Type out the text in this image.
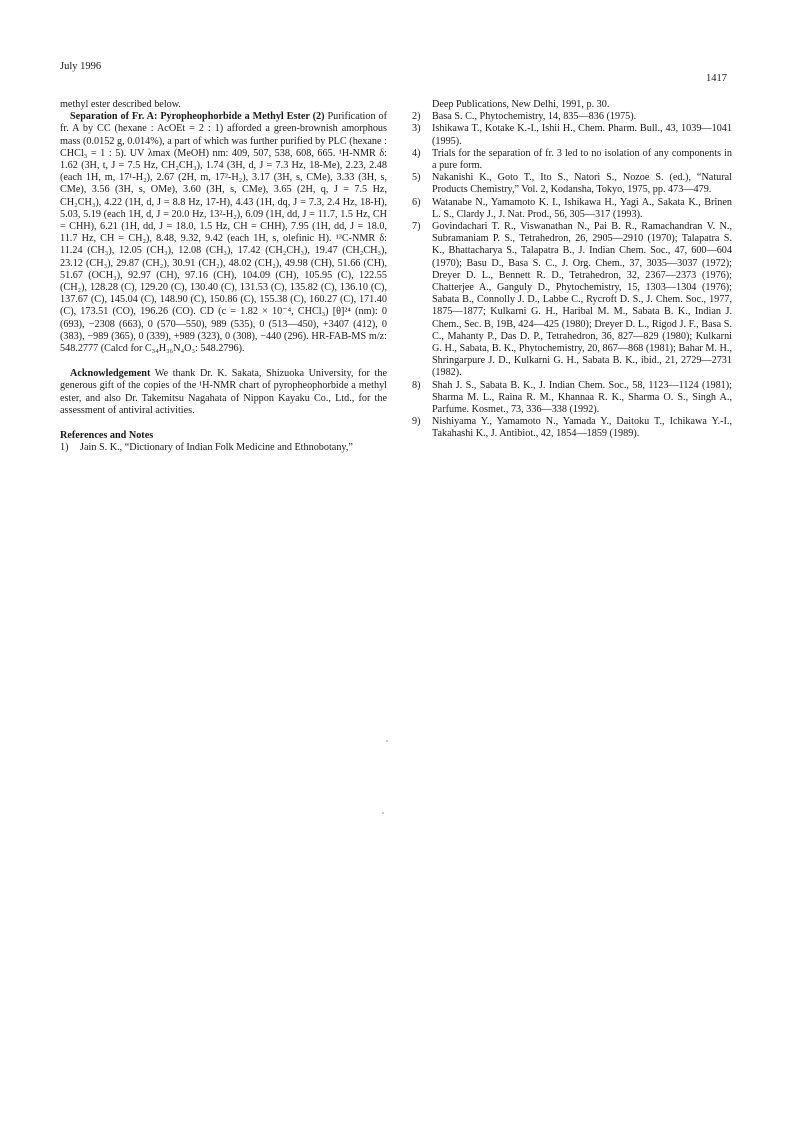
July 1996
1417

methyl ester described below.

Separation of Fr. A: Pyropheophorbide a Methyl Ester (2) Purification of fr. A by CC (hexane : AcOEt = 2 : 1) afforded a green-brownish amorphous mass (0.0152 g, 0.014%), a part of which was further purified by PLC (hexane : CHCl₃ = 1 : 5). UV λmax (MeOH) nm: 409, 507, 538, 608, 665. ¹H-NMR δ: 1.62 (3H, t, J = 7.5 Hz, CH₂CH₃), 1.74 (3H, d, J = 7.3 Hz, 18-Me), 2.23, 2.48 (each 1H, m, 17¹-H₂), 2.67 (2H, m, 17²-H₂), 3.17 (3H, s, CMe), 3.33 (3H, s, CMe), 3.56 (3H, s, OMe), 3.60 (3H, s, CMe), 3.65 (2H, q, J = 7.5 Hz, CH₂CH₃), 4.22 (1H, d, J = 8.8 Hz, 17-H), 4.43 (1H, dq, J = 7.3, 2.4 Hz, 18-H), 5.03, 5.19 (each 1H, d, J = 20.0 Hz, 13²-H₂), 6.09 (1H, dd, J = 11.7, 1.5 Hz, CH = CHH), 6.21 (1H, dd, J = 18.0, 1.5 Hz, CH = CHH), 7.95 (1H, dd, J = 18.0, 11.7 Hz, CH = CH₂), 8.48, 9.32, 9.42 (each 1H, s, olefinic H). ¹³C-NMR δ: 11.24 (CH₃), 12.05 (CH₃), 12.08 (CH₃), 17.42 (CH₂CH₃), 19.47 (CH₂CH₃), 23.12 (CH₃), 29.87 (CH₂), 30.91 (CH₂), 48.02 (CH₂), 49.98 (CH), 51.66 (CH), 51.67 (OCH₃), 92.97 (CH), 97.16 (CH), 104.09 (CH), 105.95 (C), 122.55 (CH₂), 128.28 (C), 129.20 (C), 130.40 (C), 131.53 (C), 135.82 (C), 136.10 (C), 137.67 (C), 145.04 (C), 148.90 (C), 150.86 (C), 155.38 (C), 160.27 (C), 171.40 (C), 173.51 (CO), 196.26 (CO). CD (c = 1.82 × 10⁻⁴, CHCl₃) [θ]²⁴ (nm): 0 (693), −2308 (663), 0 (570—550), 989 (535), 0 (513—450), +3407 (412), 0 (383), −989 (365), 0 (339), +989 (323), 0 (308), −440 (296). HR-FAB-MS m/z: 548.2777 (Calcd for C₃₄H₃₆N₄O₃: 548.2796).

Acknowledgement We thank Dr. K. Sakata, Shizuoka University, for the generous gift of the copies of the ¹H-NMR chart of pyropheophorbide a methyl ester, and also Dr. Takemitsu Nagahata of Nippon Kayaku Co., Ltd., for the assessment of antiviral activities.

References and Notes

1)	Jain S. K., “Dictionary of Indian Folk Medicine and Ethnobotany,”
Deep Publications, New Delhi, 1991, p. 30.
2)	Basa S. C., Phytochemistry, 14, 835—836 (1975).
3)	Ishikawa T., Kotake K.-I., Ishii H., Chem. Pharm. Bull., 43, 1039—1041 (1995).
4)	Trials for the separation of fr. 3 led to no isolation of any components in a pure form.
5)	Nakanishi K., Goto T., Ito S., Natori S., Nozoe S. (ed.), “Natural Products Chemistry,” Vol. 2, Kodansha, Tokyo, 1975, pp. 473—479.
6)	Watanabe N., Yamamoto K. I., Ishikawa H., Yagi A., Sakata K., Brinen L. S., Clardy J., J. Nat. Prod., 56, 305—317 (1993).
7)	Govindachari T. R., Viswanathan N., Pai B. R., Ramachandran V. N., Subramaniam P. S., Tetrahedron, 26, 2905—2910 (1970); Talapatra S. K., Bhattacharya S., Talapatra B., J. Indian Chem. Soc., 47, 600—604 (1970); Basu D., Basa S. C., J. Org. Chem., 37, 3035—3037 (1972); Dreyer D. L., Bennett R. D., Tetrahedron, 32, 2367—2373 (1976); Chatterjee A., Ganguly D., Phytochemistry, 15, 1303—1304 (1976); Sabata B., Connolly J. D., Labbe C., Rycroft D. S., J. Chem. Soc., 1977, 1875—1877; Kulkarni G. H., Haribal M. M., Sabata B. K., Indian J. Chem., Sec. B, 19B, 424—425 (1980); Dreyer D. L., Rigod J. F., Basa S. C., Mahanty P., Das D. P., Tetrahedron, 36, 827—829 (1980); Kulkarni G. H., Sabata, B. K., Phytochemistry, 20, 867—868 (1981); Bahar M. H., Shringarpure J. D., Kulkarni G. H., Sabata B. K., ibid., 21, 2729—2731 (1982).
8)	Shah J. S., Sabata B. K., J. Indian Chem. Soc., 58, 1123—1124 (1981); Sharma M. L., Raina R. M., Khannaa R. K., Sharma O. S., Singh A., Parfume. Kosmet., 73, 336—338 (1992).
9)	Nishiyama Y., Yamamoto N., Yamada Y., Daitoku T., Ichikawa Y.-I., Takahashi K., J. Antibiot., 42, 1854—1859 (1989).
